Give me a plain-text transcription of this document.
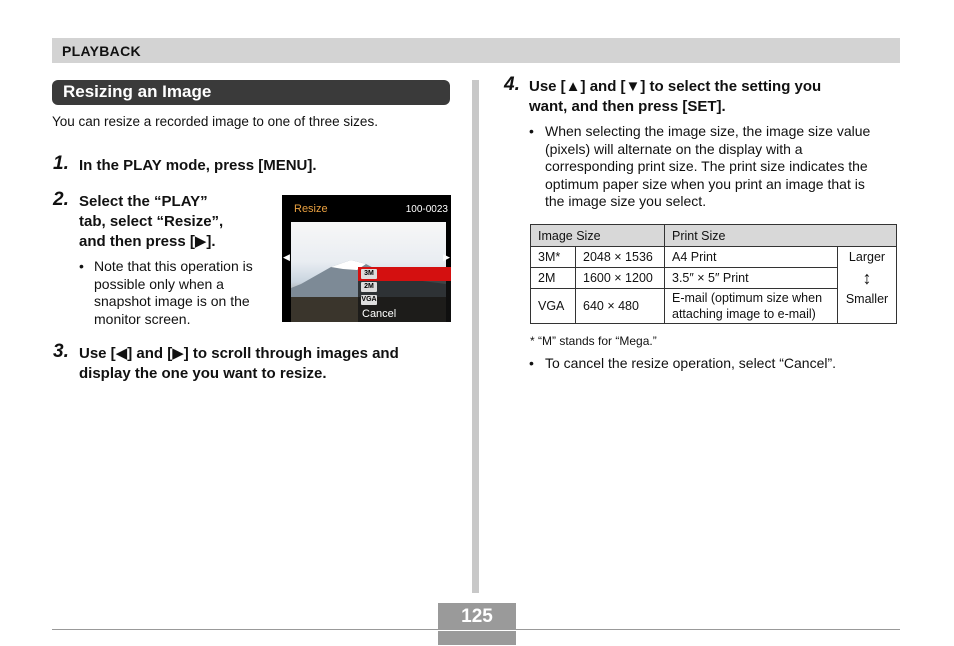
PLAYBACK
Resizing an Image
You can resize a recorded image to one of three sizes.
1. In the PLAY mode, press [MENU].
2. Select the “PLAY”
tab, select “Resize”,
and then press [▶].
• Note that this operation is
possible only when a
snapshot image is on the
monitor screen.
Resize	100-0023
◀	▶
2M
VGA
3M
Cancel
3. Use [◀] and [▶] to scroll through images and
display the one you want to resize.
4. Use [▲] and [▼] to select the setting you
want, and then press [SET].
• When selecting the image size, the image size value
(pixels) will alternate on the display with a
corresponding print size. The print size indicates the
optimum paper size when you print an image that is
the image size you select.
Image Size		Print Size	
3M*	2048 × 1536	A4 Print	Larger
↕
Smaller

2M	1600 × 1200	3.5″ × 5″ Print	
VGA	640 × 480	E-mail (optimum size when
attaching image to e-mail)	
* “M” stands for “Mega.”
• To cancel the resize operation, select “Cancel”.
125
